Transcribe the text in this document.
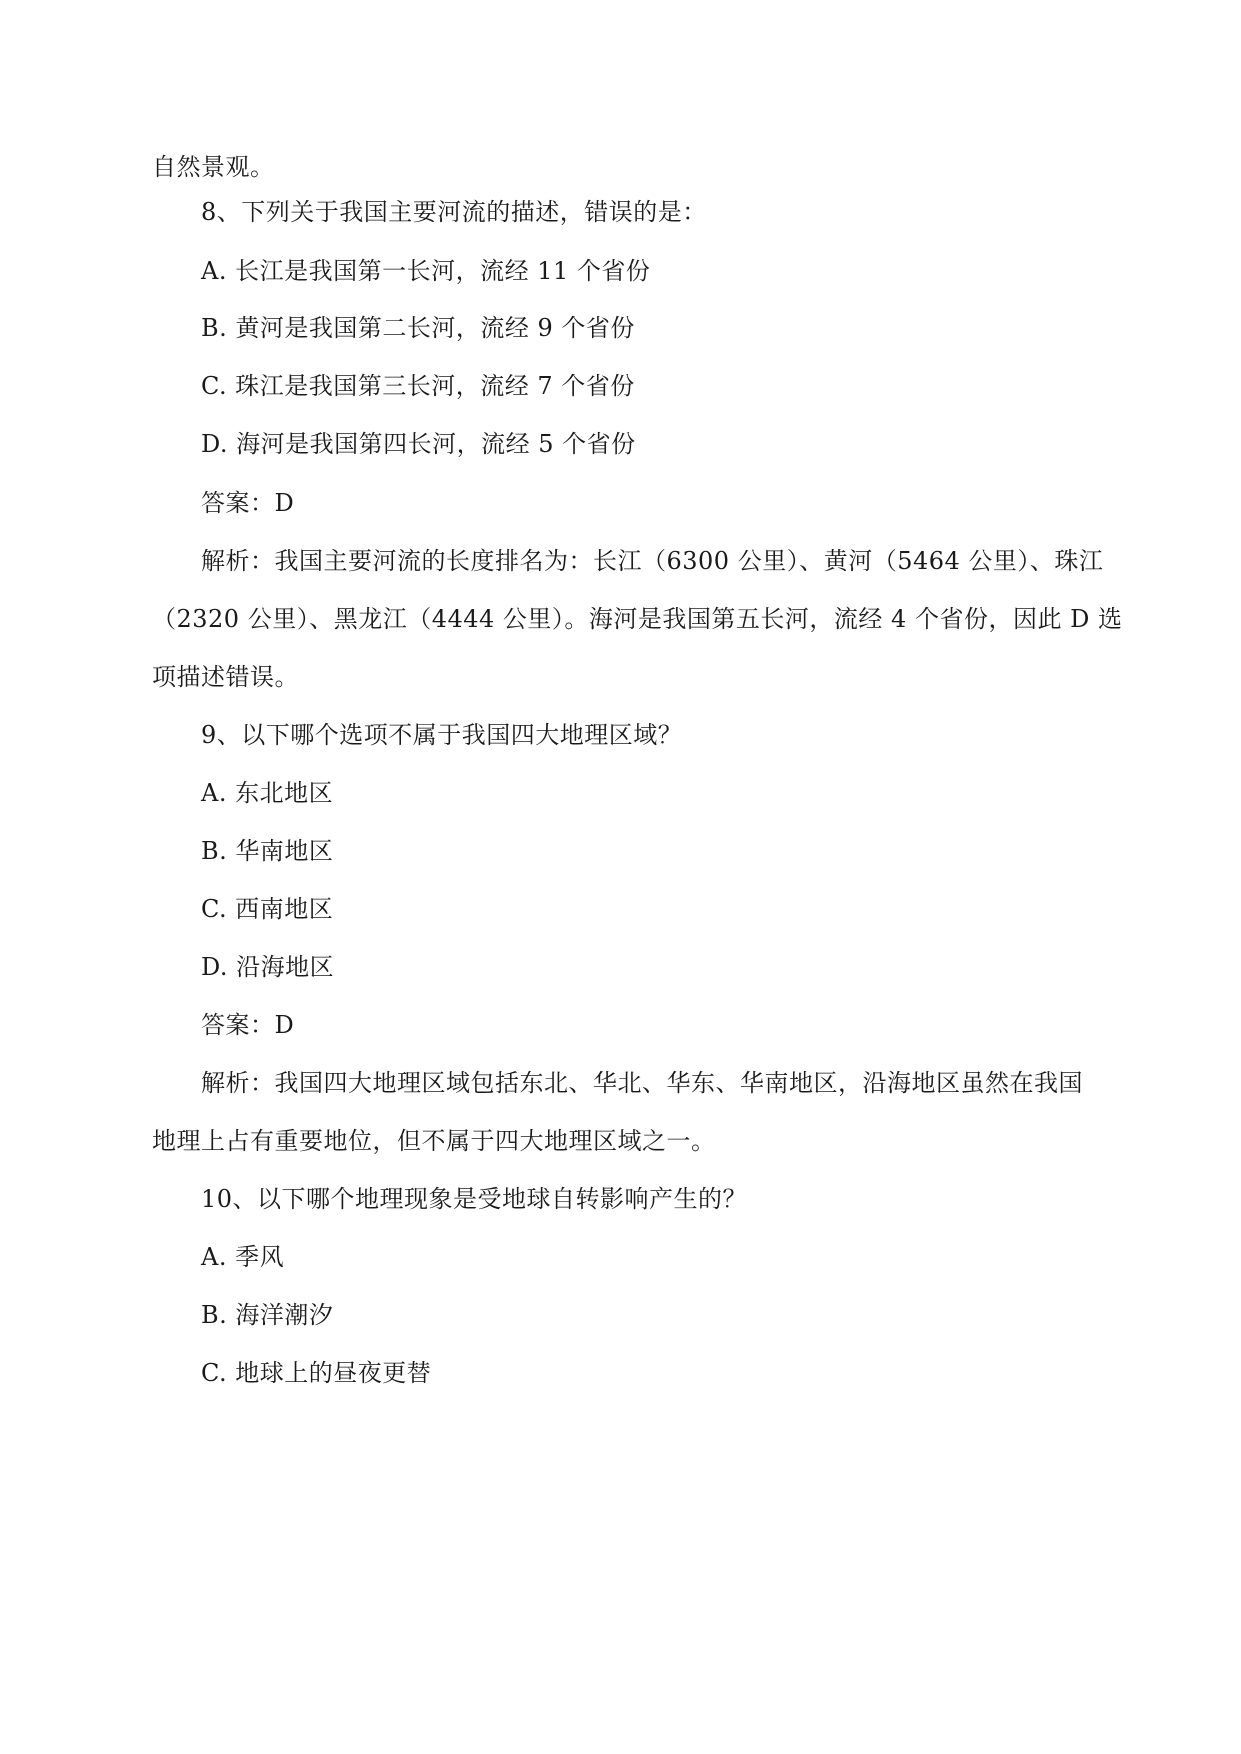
自然景观。
8、下列关于我国主要河流的描述，错误的是：
A. 长江是我国第一长河，流经 11 个省份
B. 黄河是我国第二长河，流经 9 个省份
C. 珠江是我国第三长河，流经 7 个省份
D. 海河是我国第四长河，流经 5 个省份
答案：D
解析：我国主要河流的长度排名为：长江（6300 公里）、黄河（5464 公里）、珠江
（2320 公里）、黑龙江（4444 公里）。海河是我国第五长河，流经 4 个省份，因此 D 选
项描述错误。
9、以下哪个选项不属于我国四大地理区域？
A. 东北地区
B. 华南地区
C. 西南地区
D. 沿海地区
答案：D
解析：我国四大地理区域包括东北、华北、华东、华南地区，沿海地区虽然在我国
地理上占有重要地位，但不属于四大地理区域之一。
10、以下哪个地理现象是受地球自转影响产生的？
A. 季风
B. 海洋潮汐
C. 地球上的昼夜更替
